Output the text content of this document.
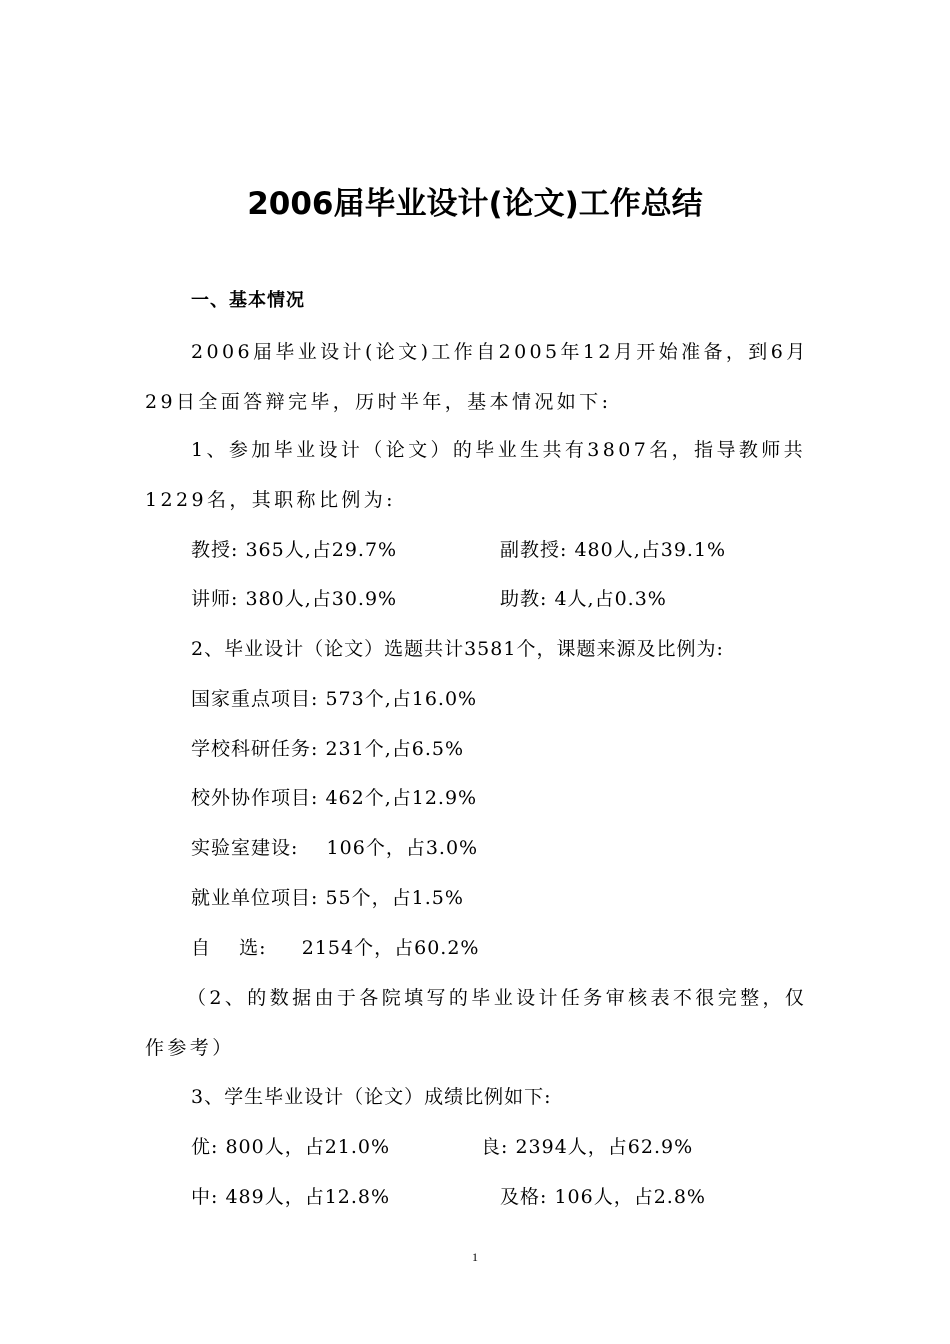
2006届毕业设计(论文)工作总结
一、基本情况
2006届毕业设计(论文)工作自2005年12月开始准备，到6月
29日全面答辩完毕，历时半年，基本情况如下:
1、参加毕业设计（论文）的毕业生共有3807名，指导教师共
1229名，其职称比例为:
教授: 365人,占29.7%	副教授: 480人,占39.1%
讲师: 380人,占30.9%	助教: 4人,占0.3%
2、毕业设计（论文）选题共计3581个，课题来源及比例为:
国家重点项目: 573个,占16.0%
学校科研任务: 231个,占6.5%
校外协作项目: 462个,占12.9%
实验室建设:    106个，占3.0%
就业单位项目: 55个，占1.5%
自    选:     2154个，占60.2%
（2、的数据由于各院填写的毕业设计任务审核表不很完整，仅
作参考）
3、学生毕业设计（论文）成绩比例如下:
优: 800人，占21.0%	良: 2394人，占62.9%
中: 489人，占12.8%	及格: 106人，占2.8%
1
